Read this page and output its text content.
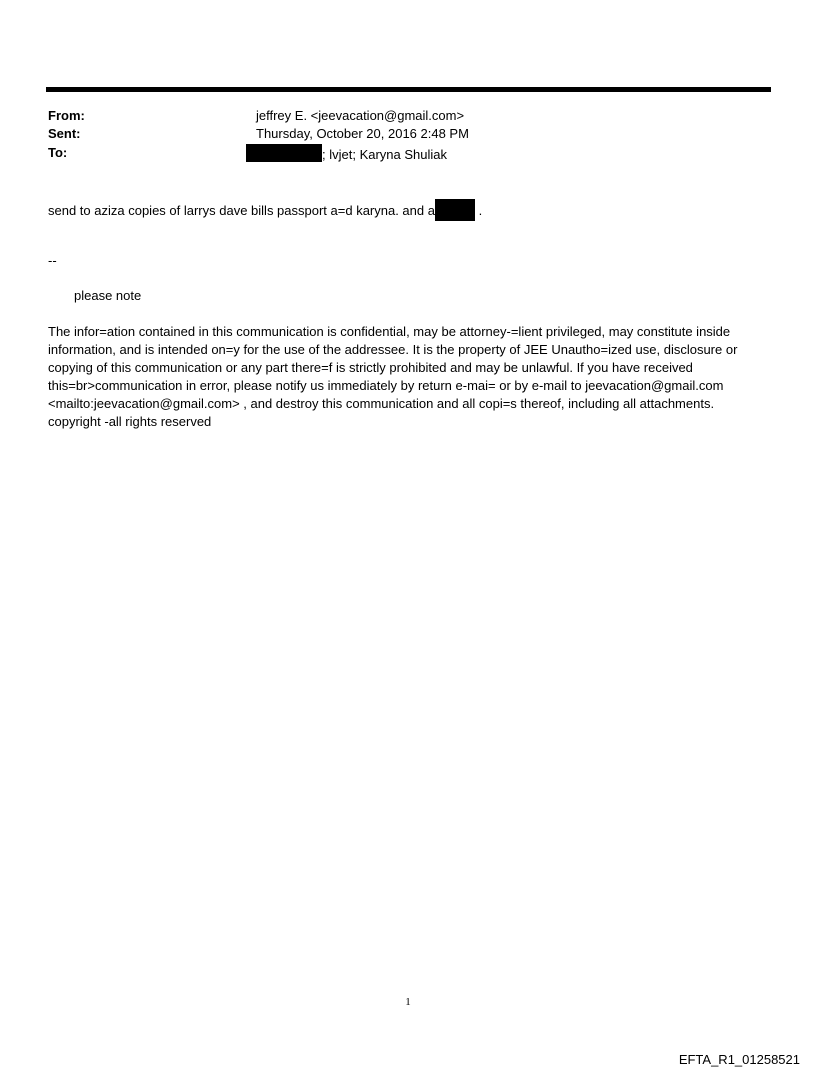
From:	jeffrey E. <jeevacation@gmail.com>
Sent:	Thursday, October 20, 2016 2:48 PM
To:	; lvjet; Karyna Shuliak
send to aziza copies of larrys dave bills passport a=d karyna. and a	.
--
please note
The infor=ation contained in this communication is confidential, may be attorney-=lient privileged, may constitute inside
information, and is intended on=y for the use of the addressee. It is the property of JEE Unautho=ized use, disclosure or
copying of this communication or any part there=f is strictly prohibited and may be unlawful. If you have received
this=br>communication in error, please notify us immediately by return e-mai= or by e-mail to jeevacation@gmail.com
<mailto:jeevacation@gmail.com> , and destroy this communication and all copi=s thereof, including all attachments.
copyright -all rights reserved
1
EFTA_R1_01258521
